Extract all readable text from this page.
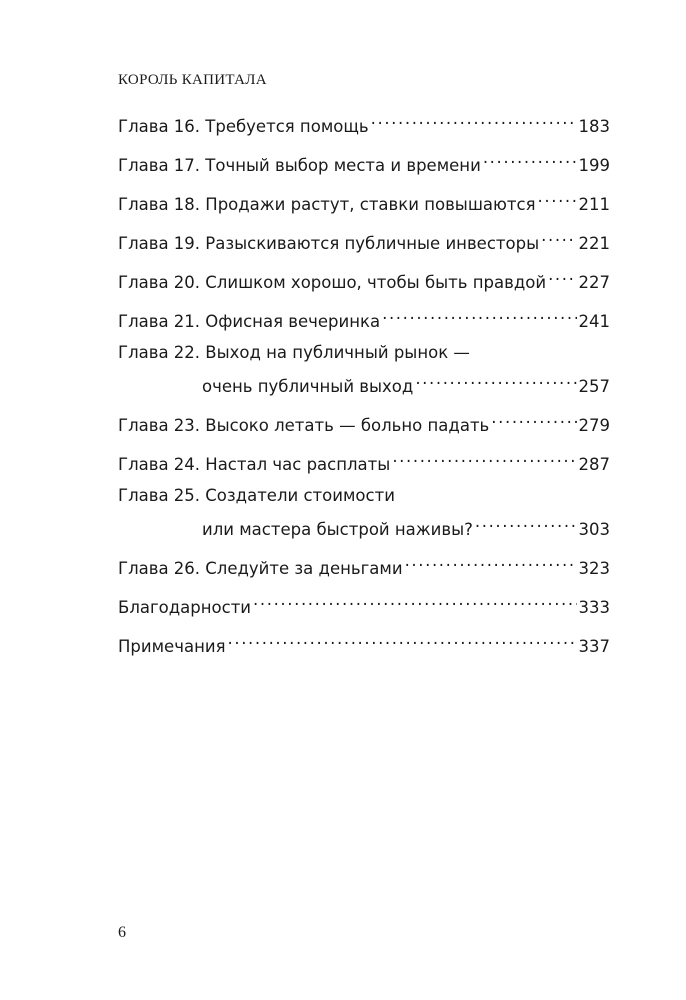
КОРОЛЬ КАПИТАЛА
Глава 16. Требуется помощь .....	183
Глава 17. Точный выбор места и времени .....	199
Глава 18. Продажи растут, ставки повышаются .....	211
Глава 19. Разыскиваются публичные инвесторы ..... 221
Глава 20. Слишком хорошо, чтобы быть правдой ..... 227
Глава 21. Офисная вечеринка .....	241
Глава 22. Выход на публичный рынок —
очень публичный выход .....	257
Глава 23. Высоко летать — больно падать .....	279
Глава 24. Настал час расплаты .....	287
Глава 25. Создатели стоимости
или мастера быстрой наживы? .....	303
Глава 26. Следуйте за деньгами .....	323
Благодарности .....	333
Примечания .....	337
6
